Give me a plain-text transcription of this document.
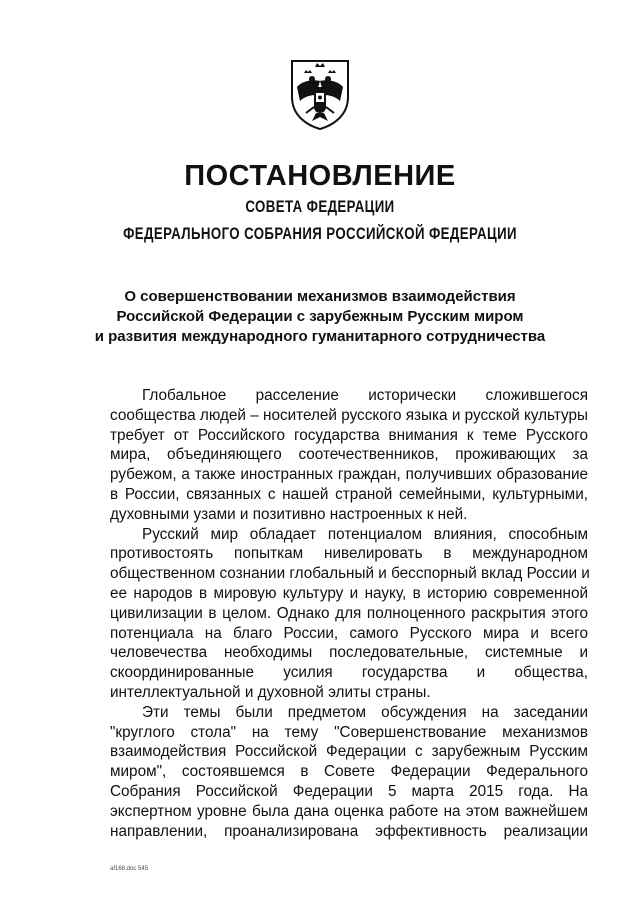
ПОСТАНОВЛЕНИЕ
СОВЕТА ФЕДЕРАЦИИ
ФЕДЕРАЛЬНОГО СОБРАНИЯ РОССИЙСКОЙ ФЕДЕРАЦИИ
О совершенствовании механизмов взаимодействия
Российской Федерации с зарубежным Русским миром
и развития международного гуманитарного сотрудничества
Глобальное расселение исторически сложившегося
сообщества людей – носителей русского языка и русской культуры
требует от Российского государства внимания к теме Русского
мира, объединяющего соотечественников, проживающих за
рубежом, а также иностранных граждан, получивших образование
в России, связанных с нашей страной семейными, культурными,
духовными узами и позитивно настроенных к ней.
Русский мир обладает потенциалом влияния, способным
противостоять попыткам нивелировать в международном
общественном сознании глобальный и бесспорный вклад России и
ее народов в мировую культуру и науку, в историю современной
цивилизации в целом. Однако для полноценного раскрытия этого
потенциала на благо России, самого Русского мира и всего
человечества необходимы последовательные, системные и
скоординированные усилия государства и общества,
интеллектуальной и духовной элиты страны.
Эти темы были предметом обсуждения на заседании
"круглого стола" на тему "Совершенствование механизмов
взаимодействия Российской Федерации с зарубежным Русским
миром", состоявшемся в Совете Федерации Федерального
Собрания Российской Федерации 5 марта 2015 года. На
экспертном уровне была дана оценка работе на этом важнейшем
направлении, проанализирована эффективность реализации
af168.doc 545
